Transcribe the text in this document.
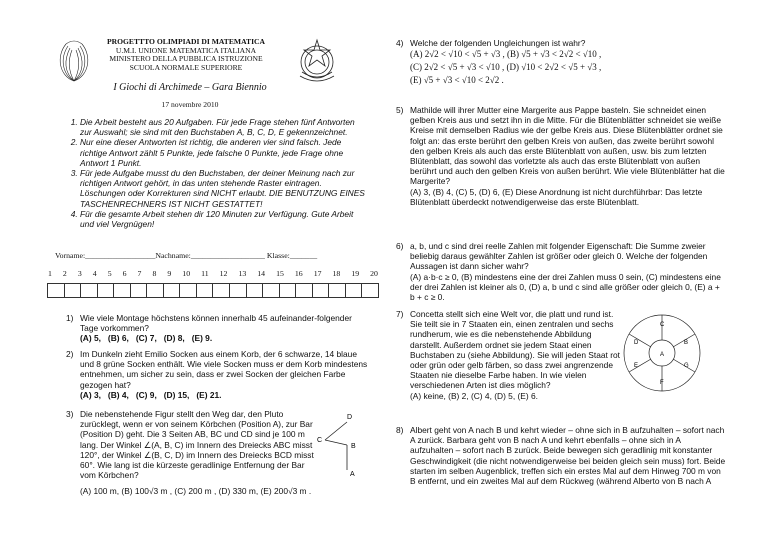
PROGETTTO OLIMPIADI DI MATEMATICA
U.M.I. UNIONE MATEMATICA ITALIANA
MINISTERO DELLA PUBBLICA ISTRUZIONE
SCUOLA NORMALE SUPERIORE
I Giochi di Archimede – Gara Biennio
17 novembre 2010
1. Die Arbeit besteht aus 20 Aufgaben. Für jede Frage stehen fünf Antworten zur Auswahl; sie sind mit den Buchstaben A, B, C, D, E gekennzeichnet.
2. Nur eine dieser Antworten ist richtig, die anderen vier sind falsch. Jede richtige Antwort zählt 5 Punkte, jede falsche 0 Punkte, jede Frage ohne Antwort 1 Punkt.
3. Für jede Aufgabe musst du den Buchstaben, der deiner Meinung nach zur richtigen Antwort gehört, in das unten stehende Raster eintragen. Löschungen oder Korrekturen sind NICHT erlaubt. DIE BENUTZUNG EINES TASCHENRECHNERS IST NICHT GESTATTET!
4. Für die gesamte Arbeit stehen dir 120 Minuten zur Verfügung. Gute Arbeit und viel Vergnügen!
Vorname:__________________Nachname:___________________ Klasse:_______
1 2 3 4 5 6 7 8 9 10 11 12 13 14 15 16 17 18 19 20
1) Wie viele Montage höchstens können innerhalb 45 aufeinander-folgender Tage vorkommen?
(A) 5, (B) 6, (C) 7, (D) 8, (E) 9.
2) Im Dunkeln zieht Emilio Socken aus einem Korb, der 6 schwarze, 14 blaue und 8 grüne Socken enthält. Wie viele Socken muss er dem Korb mindestens entnehmen, um sicher zu sein, dass er zwei Socken der gleichen Farbe gezogen hat?
(A) 3, (B) 4, (C) 9, (D) 15, (E) 21.
3) Die nebenstehende Figur stellt den Weg dar, den Pluto zurücklegt, wenn er von seinem Körbchen (Position A), zur Bar (Position D) geht. Die 3 Seiten AB, BC und CD sind je 100 m lang. Der Winkel ∠(A, B, C) im Innern des Dreiecks ABC misst 120°, der Winkel ∠(B, C, D) im Innern des Dreiecks BCD misst 60°. Wie lang ist die kürzeste geradlinige Entfernung der Bar vom Körbchen?
(A) 100 m, (B) 100√3 m , (C) 200 m , (D) 330 m, (E) 200√3 m .
D
C
B
A
4) Welche der folgenden Ungleichungen ist wahr?
(A) 2√2 < √10 < √5 + √3 , (B) √5 + √3 < 2√2 < √10 ,
(C) 2√2 < √5 + √3 < √10 , (D) √10 < 2√2 < √5 + √3 ,
(E) √5 + √3 < √10 < 2√2 .
5) Mathilde will ihrer Mutter eine Margerite aus Pappe basteln. Sie schneidet einen gelben Kreis aus und setzt ihn in die Mitte. Für die Blütenblätter schneidet sie weiße Kreise mit demselben Radius wie der gelbe Kreis aus. Diese Blütenblätter ordnet sie folgt an: das erste berührt den gelben Kreis von außen, das zweite berührt sowohl den gelben Kreis als auch das erste Blütenblatt von außen, usw. bis zum letzten Blütenblatt, das sowohl das vorletzte als auch das erste Blütenblatt von außen berührt und auch den gelben Kreis von außen berührt. Wie viele Blütenblätter hat die Margerite?
(A) 3, (B) 4, (C) 5, (D) 6, (E) Diese Anordnung ist nicht durchführbar: Das letzte Blütenblatt überdeckt notwendigerweise das erste Blütenblatt.
6) a, b, und c sind drei reelle Zahlen mit folgender Eigenschaft: Die Summe zweier beliebig daraus gewählter Zahlen ist größer oder gleich 0. Welche der folgenden Aussagen ist dann sicher wahr?
(A) a·b·c ≥ 0, (B) mindestens eine der drei Zahlen muss 0 sein, (C) mindestens eine der drei Zahlen ist kleiner als 0, (D) a, b und c sind alle größer oder gleich 0, (E) a + b + c ≥ 0.
7) Concetta stellt sich eine Welt vor, die platt und rund ist. Sie teilt sie in 7 Staaten ein, einen zentralen und sechs rundherum, wie es die nebenstehende Abbildung darstellt. Außerdem ordnet sie jedem Staat einen Buchstaben zu (siehe Abbildung). Sie will jeden Staat rot oder grün oder gelb färben, so dass zwei angrenzende Staaten nie dieselbe Farbe haben. In wie vielen verschiedenen Arten ist dies möglich?
(A) keine, (B) 2, (C) 4, (D) 5, (E) 6.
A
B
C
D
E
F
G
8) Albert geht von A nach B und kehrt wieder – ohne sich in B aufzuhalten – sofort nach A zurück. Barbara geht von B nach A und kehrt ebenfalls – ohne sich in A aufzuhalten – sofort nach B zurück. Beide bewegen sich geradlinig mit konstanter Geschwindigkeit (die nicht notwendigerweise bei beiden gleich sein muss) fort. Beide starten im selben Augenblick, treffen sich ein erstes Mal auf dem Hinweg 700 m von B entfernt, und ein zweites Mal auf dem Rückweg (während Alberto von B nach A
